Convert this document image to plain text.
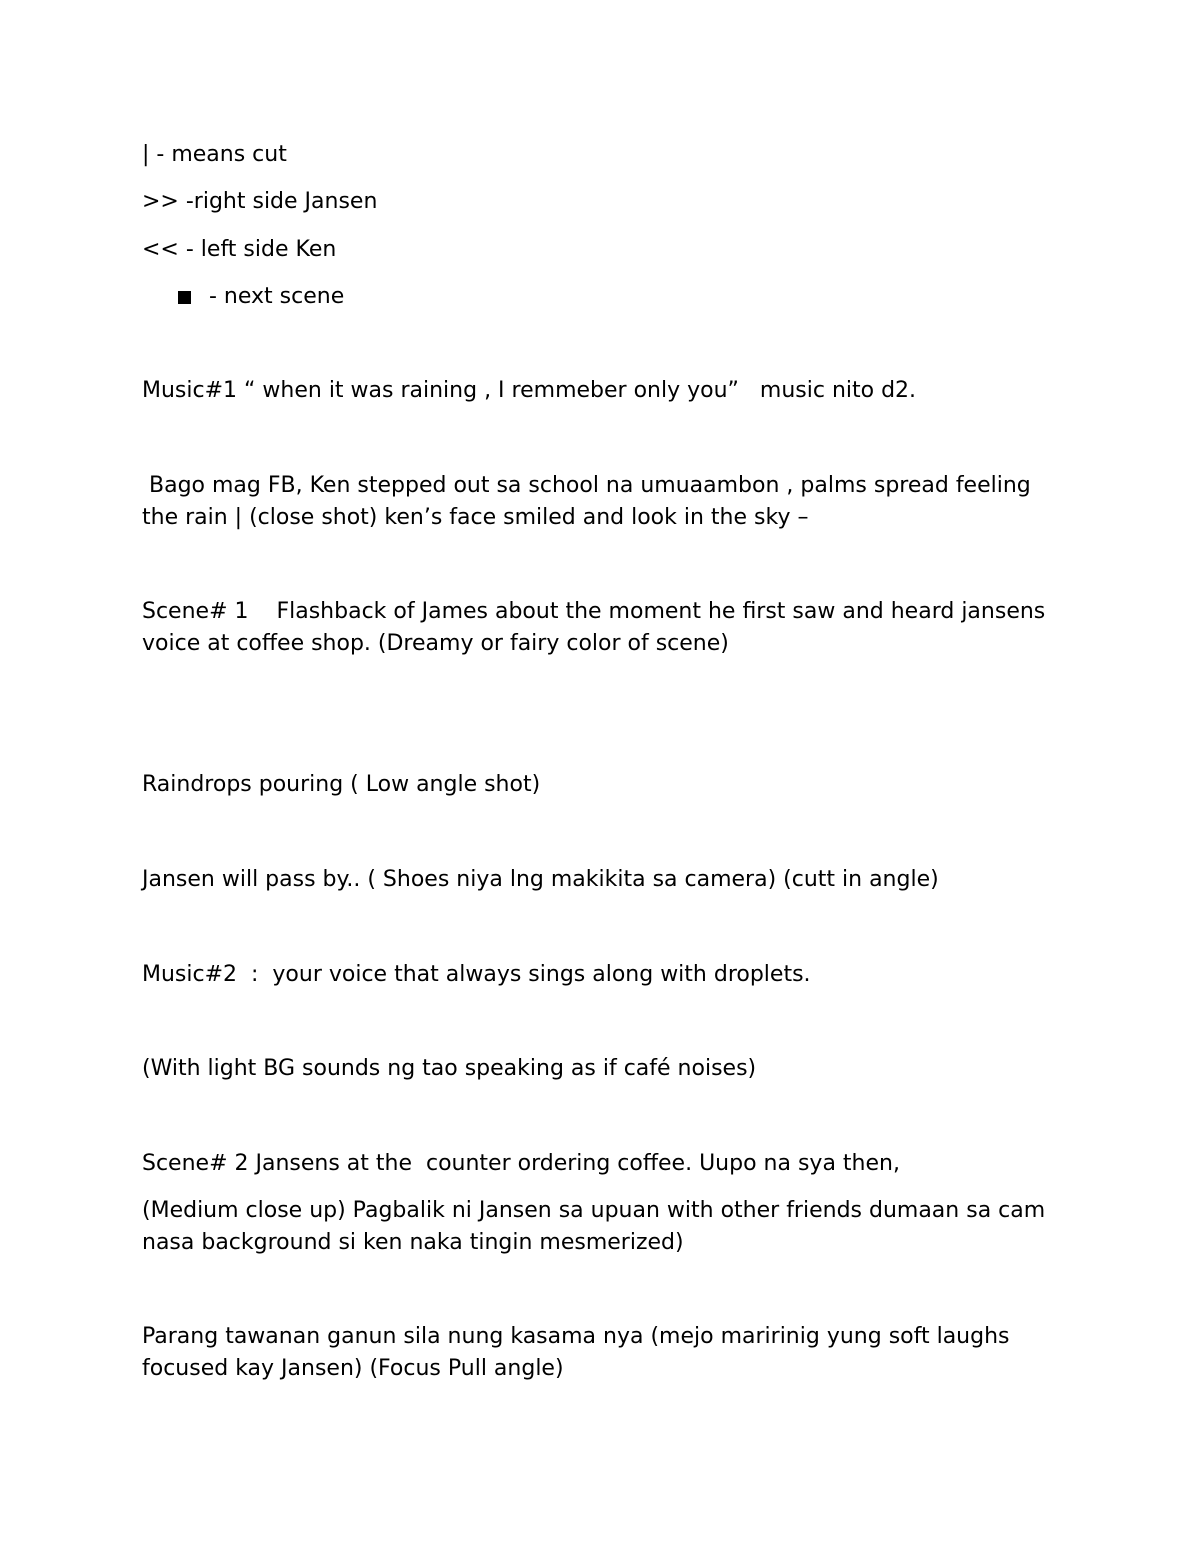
| - means cut

>> -right side Jansen

<< - left side Ken

- next scene

Music#1 “ when it was raining , I remmeber only you”   music nito d2.

Bago mag FB, Ken stepped out sa school na umuaambon , palms spread feeling the rain | (close shot) ken’s face smiled and look in the sky –

Scene# 1    Flashback of James about the moment he first saw and heard jansens voice at coffee shop. (Dreamy or fairy color of scene)

Raindrops pouring ( Low angle shot)

Jansen will pass by.. ( Shoes niya lng makikita sa camera) (cutt in angle)

Music#2  :  your voice that always sings along with droplets.

(With light BG sounds ng tao speaking as if café noises)

Scene# 2 Jansens at the  counter ordering coffee. Uupo na sya then,

(Medium close up) Pagbalik ni Jansen sa upuan with other friends dumaan sa cam nasa background si ken naka tingin mesmerized)

Parang tawanan ganun sila nung kasama nya (mejo maririnig yung soft laughs focused kay Jansen) (Focus Pull angle)
